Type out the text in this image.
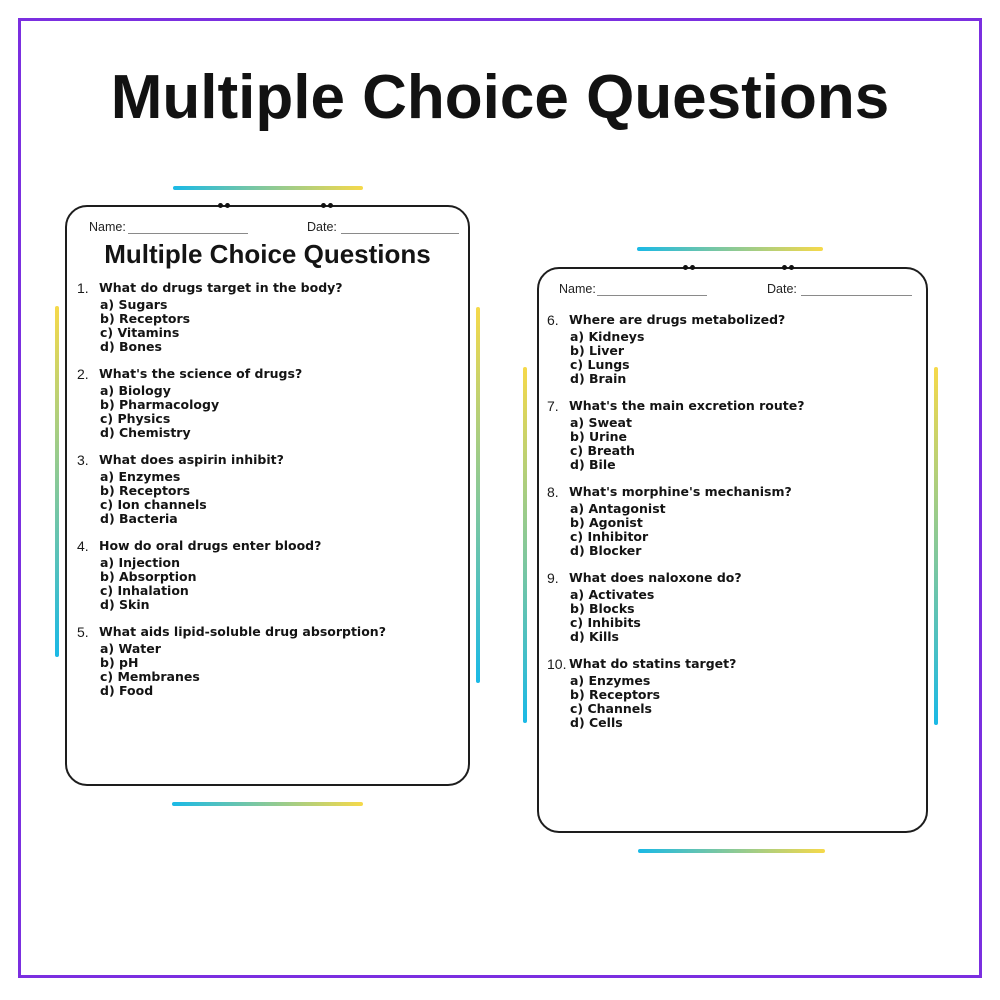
Multiple Choice Questions
Name:	Date:
Multiple Choice Questions
1. What do drugs target in the body?
a) Sugars
b) Receptors
c) Vitamins
d) Bones
2. What's the science of drugs?
a) Biology
b) Pharmacology
c) Physics
d) Chemistry
3. What does aspirin inhibit?
a) Enzymes
b) Receptors
c) Ion channels
d) Bacteria
4. How do oral drugs enter blood?
a) Injection
b) Absorption
c) Inhalation
d) Skin
5. What aids lipid-soluble drug absorption?
a) Water
b) pH
c) Membranes
d) Food
Name:	Date:
6. Where are drugs metabolized?
a) Kidneys
b) Liver
c) Lungs
d) Brain
7. What's the main excretion route?
a) Sweat
b) Urine
c) Breath
d) Bile
8. What's morphine's mechanism?
a) Antagonist
b) Agonist
c) Inhibitor
d) Blocker
9. What does naloxone do?
a) Activates
b) Blocks
c) Inhibits
d) Kills
10. What do statins target?
a) Enzymes
b) Receptors
c) Channels
d) Cells
